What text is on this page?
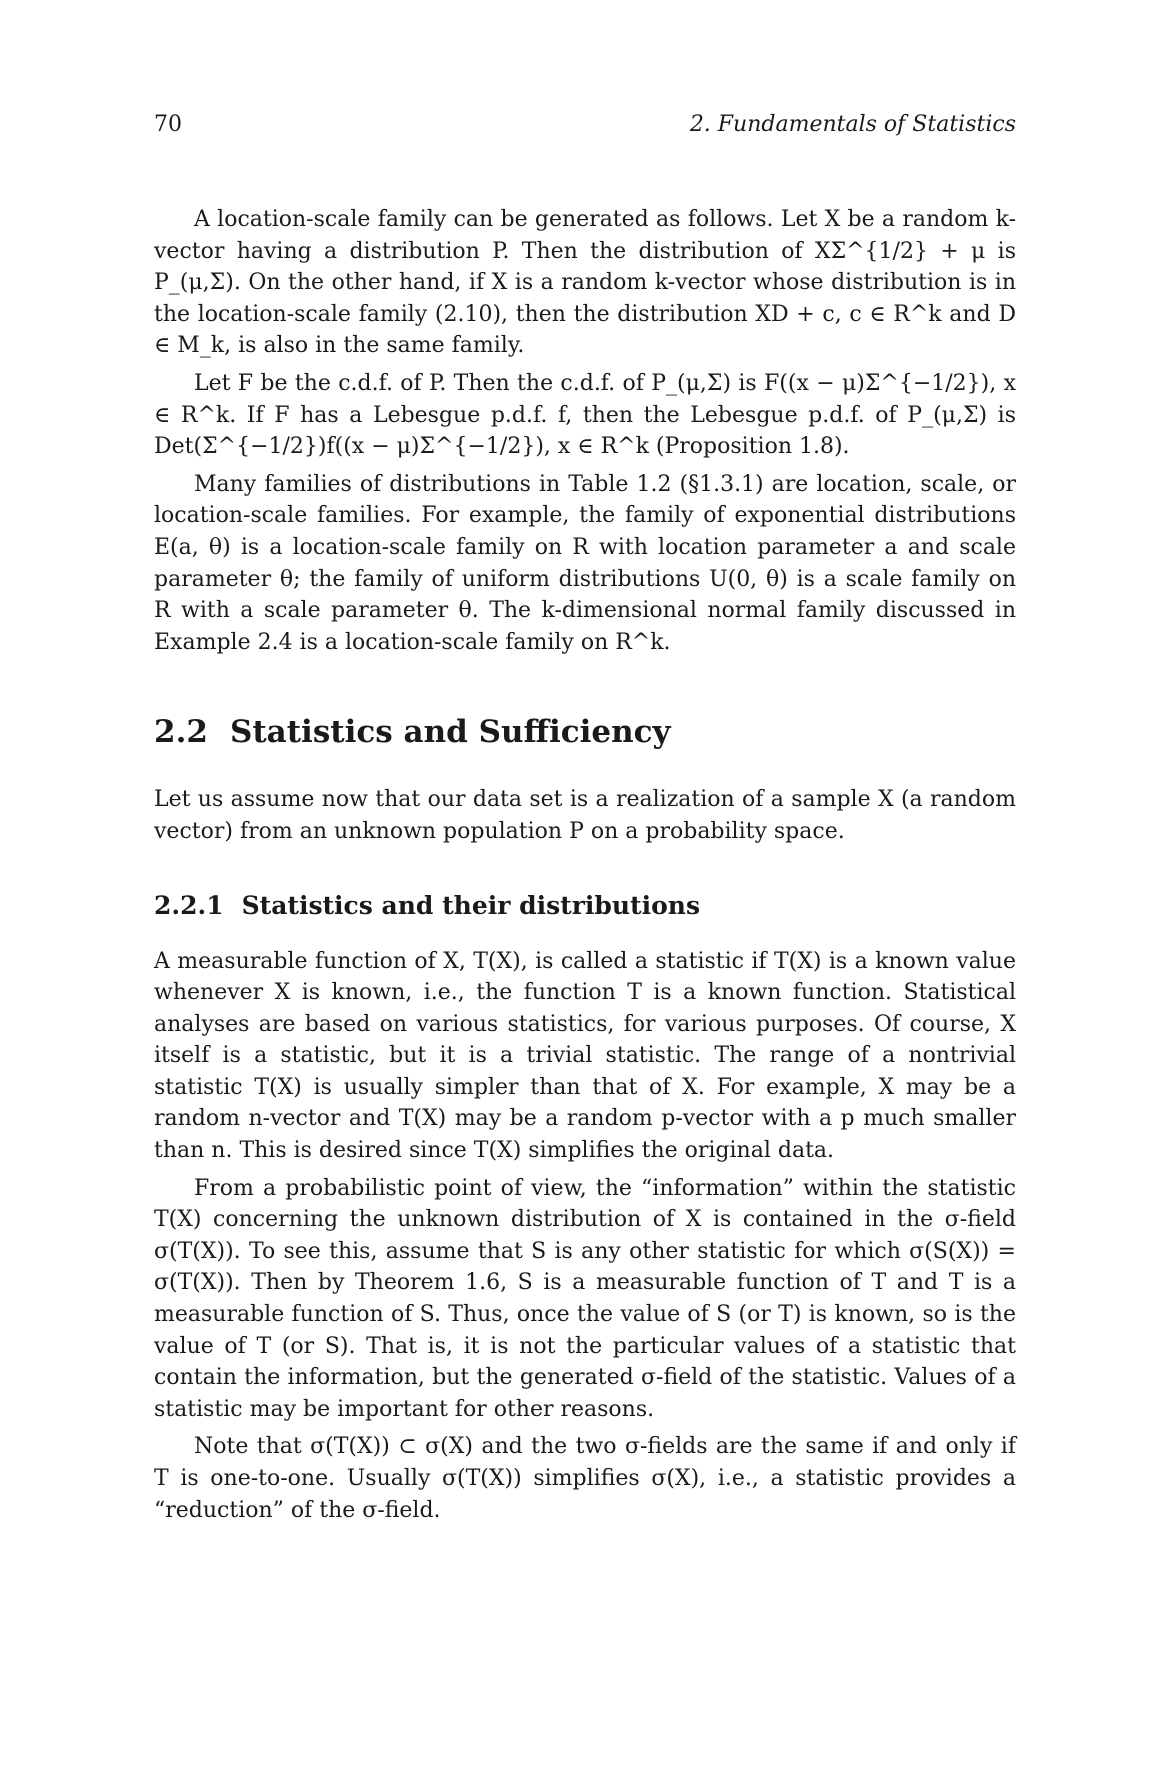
70	2. Fundamentals of Statistics

A location-scale family can be generated as follows. Let X be a random k-vector having a distribution P. Then the distribution of XΣ^{1/2} + μ is P_(μ,Σ). On the other hand, if X is a random k-vector whose distribution is in the location-scale family (2.10), then the distribution XD + c, c ∈ R^k and D ∈ M_k, is also in the same family.

Let F be the c.d.f. of P. Then the c.d.f. of P_(μ,Σ) is F((x − μ)Σ^{−1/2}), x ∈ R^k. If F has a Lebesgue p.d.f. f, then the Lebesgue p.d.f. of P_(μ,Σ) is Det(Σ^{−1/2})f((x − μ)Σ^{−1/2}), x ∈ R^k (Proposition 1.8).

Many families of distributions in Table 1.2 (§1.3.1) are location, scale, or location-scale families. For example, the family of exponential distributions E(a, θ) is a location-scale family on R with location parameter a and scale parameter θ; the family of uniform distributions U(0, θ) is a scale family on R with a scale parameter θ. The k-dimensional normal family discussed in Example 2.4 is a location-scale family on R^k.

2.2 Statistics and Sufficiency

Let us assume now that our data set is a realization of a sample X (a random vector) from an unknown population P on a probability space.

2.2.1 Statistics and their distributions

A measurable function of X, T(X), is called a statistic if T(X) is a known value whenever X is known, i.e., the function T is a known function. Statistical analyses are based on various statistics, for various purposes. Of course, X itself is a statistic, but it is a trivial statistic. The range of a nontrivial statistic T(X) is usually simpler than that of X. For example, X may be a random n-vector and T(X) may be a random p-vector with a p much smaller than n. This is desired since T(X) simplifies the original data.

From a probabilistic point of view, the “information” within the statistic T(X) concerning the unknown distribution of X is contained in the σ-field σ(T(X)). To see this, assume that S is any other statistic for which σ(S(X)) = σ(T(X)). Then by Theorem 1.6, S is a measurable function of T and T is a measurable function of S. Thus, once the value of S (or T) is known, so is the value of T (or S). That is, it is not the particular values of a statistic that contain the information, but the generated σ-field of the statistic. Values of a statistic may be important for other reasons.

Note that σ(T(X)) ⊂ σ(X) and the two σ-fields are the same if and only if T is one-to-one. Usually σ(T(X)) simplifies σ(X), i.e., a statistic provides a “reduction” of the σ-field.
